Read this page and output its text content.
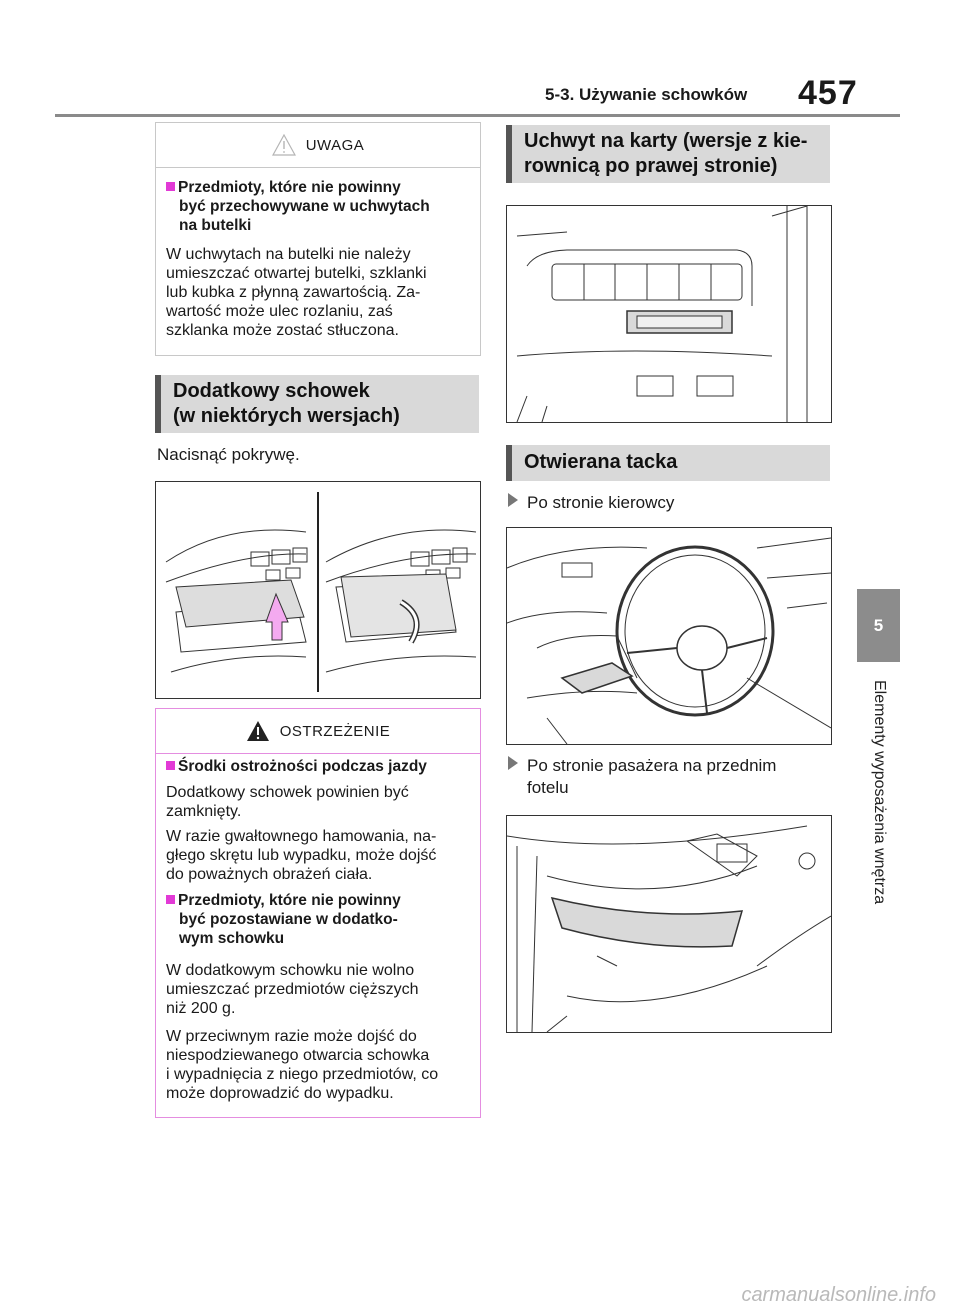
5-3. Używanie schowków 457
5
Elementy wyposażenia wnętrza
UWAGA
Przedmioty, które nie powinny
być przechowywane w uchwytach
na butelki
W uchwytach na butelki nie należy
umieszczać otwartej butelki, szklanki
lub kubka z płynną zawartością. Za-
wartość może ulec rozlaniu, zaś
szklanka może zostać stłuczona.
Dodatkowy schowek
(w niektórych wersjach)
Nacisnąć pokrywę.
OSTRZEŻENIE
Środki ostrożności podczas jazdy
Dodatkowy schowek powinien być
zamknięty.
W razie gwałtownego hamowania, na-
głego skrętu lub wypadku, może dojść
do poważnych obrażeń ciała.
Przedmioty, które nie powinny
być pozostawiane w dodatko-
wym schowku
W dodatkowym schowku nie wolno
umieszczać przedmiotów cięższych
niż 200 g.
W przeciwnym razie może dojść do
niespodziewanego otwarcia schowka
i wypadnięcia z niego przedmiotów, co
może doprowadzić do wypadku.
Uchwyt na karty (wersje z kie-
rownicą po prawej stronie)
Otwierana tacka
Po stronie kierowcy
Po stronie pasażera na przednim
fotelu
carmanualsonline.info
